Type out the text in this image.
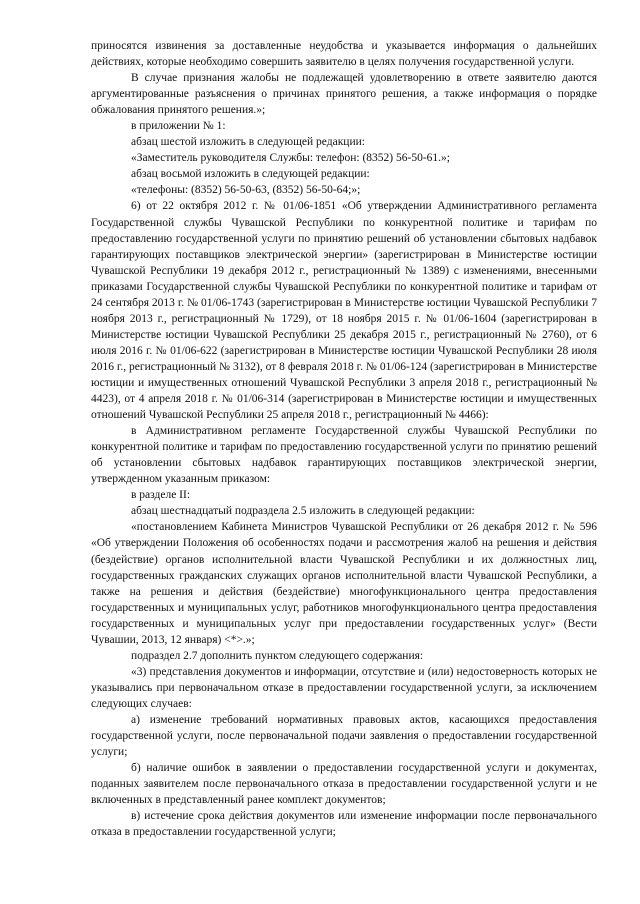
приносятся извинения за доставленные неудобства и указывается информация о дальнейших действиях, которые необходимо совершить заявителю в целях получения государственной услуги.

В случае признания жалобы не подлежащей удовлетворению в ответе заявителю даются аргументированные разъяснения о причинах принятого решения, а также информация о порядке обжалования принятого решения.»;

в приложении № 1:

абзац шестой изложить в следующей редакции:

«Заместитель руководителя Службы: телефон: (8352) 56-50-61.»;

абзац восьмой изложить в следующей редакции:

«телефоны: (8352) 56-50-63, (8352) 56-50-64;»;

6) от 22 октября 2012 г. № 01/06-1851 «Об утверждении Административного регламента Государственной службы Чувашской Республики по конкурентной политике и тарифам по предоставлению государственной услуги по принятию решений об установлении сбытовых надбавок гарантирующих поставщиков электрической энергии» (зарегистрирован в Министерстве юстиции Чувашской Республики 19 декабря 2012 г., регистрационный № 1389) с изменениями, внесенными приказами Государственной службы Чувашской Республики по конкурентной политике и тарифам от 24 сентября 2013 г. № 01/06-1743 (зарегистрирован в Министерстве юстиции Чувашской Республики 7 ноября 2013 г., регистрационный № 1729), от 18 ноября 2015 г. № 01/06-1604 (зарегистрирован в Министерстве юстиции Чувашской Республики 25 декабря 2015 г., регистрационный № 2760), от 6 июля 2016 г. № 01/06-622 (зарегистрирован в Министерстве юстиции Чувашской Республики 28 июля 2016 г., регистрационный № 3132), от 8 февраля 2018 г. № 01/06-124 (зарегистрирован в Министерстве юстиции и имущественных отношений Чувашской Республики 3 апреля 2018 г., регистрационный № 4423), от 4 апреля 2018 г. № 01/06-314 (зарегистрирован в Министерстве юстиции и имущественных отношений Чувашской Республики 25 апреля 2018 г., регистрационный № 4466):

в Административном регламенте Государственной службы Чувашской Республики по конкурентной политике и тарифам по предоставлению государственной услуги по принятию решений об установлении сбытовых надбавок гарантирующих поставщиков электрической энергии, утвержденном указанным приказом:

в разделе II:

абзац шестнадцатый подраздела 2.5 изложить в следующей редакции:

«постановлением Кабинета Министров Чувашской Республики от 26 декабря 2012 г. № 596 «Об утверждении Положения об особенностях подачи и рассмотрения жалоб на решения и действия (бездействие) органов исполнительной власти Чувашской Республики и их должностных лиц, государственных гражданских служащих органов исполнительной власти Чувашской Республики, а также на решения и действия (бездействие) многофункционального центра предоставления государственных и муниципальных услуг, работников многофункционального центра предоставления государственных и муниципальных услуг при предоставлении государственных услуг» (Вести Чувашии, 2013, 12 января) <*>.»;

подраздел 2.7 дополнить пунктом следующего содержания:

«3) представления документов и информации, отсутствие и (или) недостоверность которых не указывались при первоначальном отказе в предоставлении государственной услуги, за исключением следующих случаев:

а) изменение требований нормативных правовых актов, касающихся предоставления государственной услуги, после первоначальной подачи заявления о предоставлении государственной услуги;

б) наличие ошибок в заявлении о предоставлении государственной услуги и документах, поданных заявителем после первоначального отказа в предоставлении государственной услуги и не включенных в представленный ранее комплект документов;

в) истечение срока действия документов или изменение информации после первоначального отказа в предоставлении государственной услуги;
